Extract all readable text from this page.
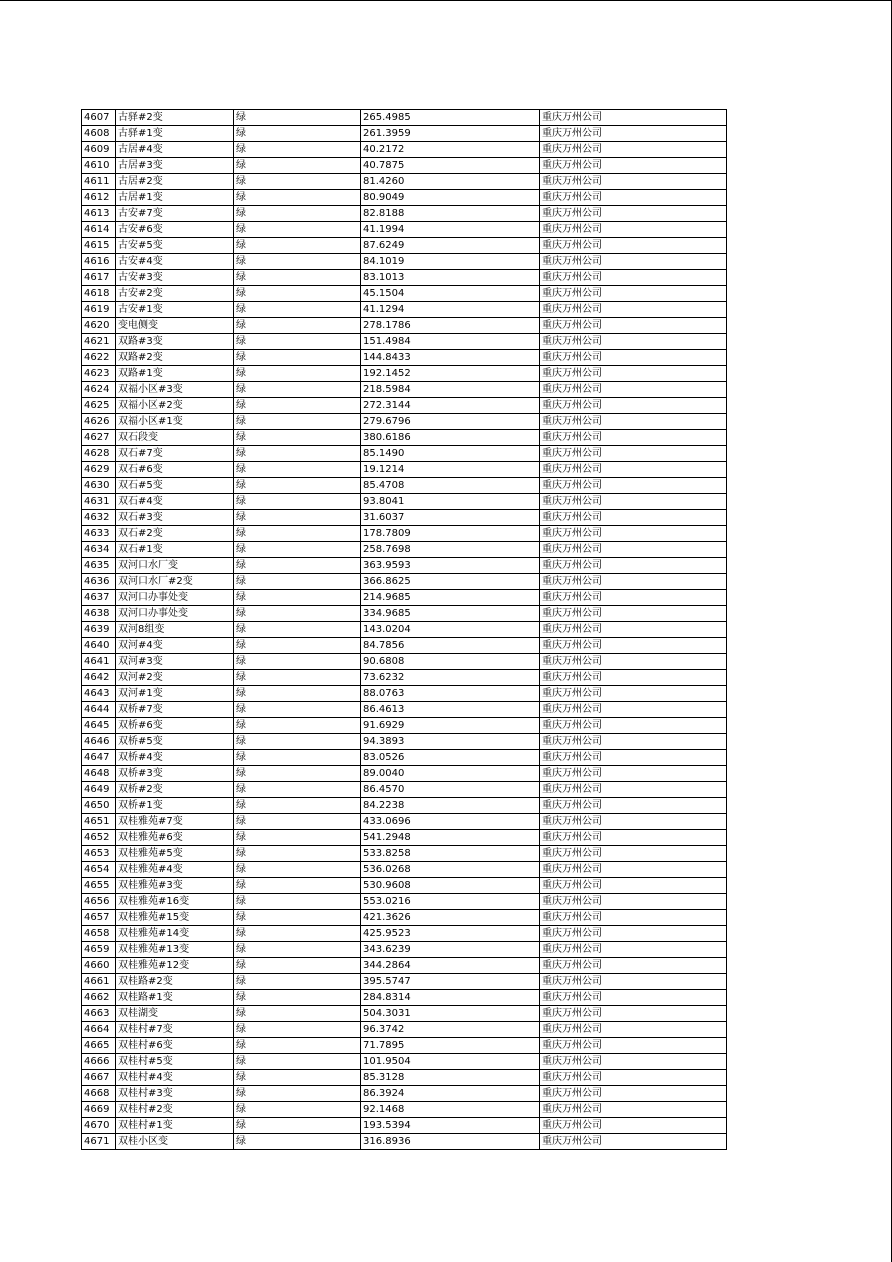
4607	古驿#2变	绿	265.4985	重庆万州公司
4608	古驿#1变	绿	261.3959	重庆万州公司
4609	古居#4变	绿	40.2172	重庆万州公司
4610	古居#3变	绿	40.7875	重庆万州公司
4611	古居#2变	绿	81.4260	重庆万州公司
4612	古居#1变	绿	80.9049	重庆万州公司
4613	古安#7变	绿	82.8188	重庆万州公司
4614	古安#6变	绿	41.1994	重庆万州公司
4615	古安#5变	绿	87.6249	重庆万州公司
4616	古安#4变	绿	84.1019	重庆万州公司
4617	古安#3变	绿	83.1013	重庆万州公司
4618	古安#2变	绿	45.1504	重庆万州公司
4619	古安#1变	绿	41.1294	重庆万州公司
4620	变电侧变	绿	278.1786	重庆万州公司
4621	双路#3变	绿	151.4984	重庆万州公司
4622	双路#2变	绿	144.8433	重庆万州公司
4623	双路#1变	绿	192.1452	重庆万州公司
4624	双福小区#3变	绿	218.5984	重庆万州公司
4625	双福小区#2变	绿	272.3144	重庆万州公司
4626	双福小区#1变	绿	279.6796	重庆万州公司
4627	双石段变	绿	380.6186	重庆万州公司
4628	双石#7变	绿	85.1490	重庆万州公司
4629	双石#6变	绿	19.1214	重庆万州公司
4630	双石#5变	绿	85.4708	重庆万州公司
4631	双石#4变	绿	93.8041	重庆万州公司
4632	双石#3变	绿	31.6037	重庆万州公司
4633	双石#2变	绿	178.7809	重庆万州公司
4634	双石#1变	绿	258.7698	重庆万州公司
4635	双河口水厂变	绿	363.9593	重庆万州公司
4636	双河口水厂#2变	绿	366.8625	重庆万州公司
4637	双河口办事处变	绿	214.9685	重庆万州公司
4638	双河口办事处变	绿	334.9685	重庆万州公司
4639	双河8组变	绿	143.0204	重庆万州公司
4640	双河#4变	绿	84.7856	重庆万州公司
4641	双河#3变	绿	90.6808	重庆万州公司
4642	双河#2变	绿	73.6232	重庆万州公司
4643	双河#1变	绿	88.0763	重庆万州公司
4644	双桥#7变	绿	86.4613	重庆万州公司
4645	双桥#6变	绿	91.6929	重庆万州公司
4646	双桥#5变	绿	94.3893	重庆万州公司
4647	双桥#4变	绿	83.0526	重庆万州公司
4648	双桥#3变	绿	89.0040	重庆万州公司
4649	双桥#2变	绿	86.4570	重庆万州公司
4650	双桥#1变	绿	84.2238	重庆万州公司
4651	双桂雅苑#7变	绿	433.0696	重庆万州公司
4652	双桂雅苑#6变	绿	541.2948	重庆万州公司
4653	双桂雅苑#5变	绿	533.8258	重庆万州公司
4654	双桂雅苑#4变	绿	536.0268	重庆万州公司
4655	双桂雅苑#3变	绿	530.9608	重庆万州公司
4656	双桂雅苑#16变	绿	553.0216	重庆万州公司
4657	双桂雅苑#15变	绿	421.3626	重庆万州公司
4658	双桂雅苑#14变	绿	425.9523	重庆万州公司
4659	双桂雅苑#13变	绿	343.6239	重庆万州公司
4660	双桂雅苑#12变	绿	344.2864	重庆万州公司
4661	双桂路#2变	绿	395.5747	重庆万州公司
4662	双桂路#1变	绿	284.8314	重庆万州公司
4663	双桂湖变	绿	504.3031	重庆万州公司
4664	双桂村#7变	绿	96.3742	重庆万州公司
4665	双桂村#6变	绿	71.7895	重庆万州公司
4666	双桂村#5变	绿	101.9504	重庆万州公司
4667	双桂村#4变	绿	85.3128	重庆万州公司
4668	双桂村#3变	绿	86.3924	重庆万州公司
4669	双桂村#2变	绿	92.1468	重庆万州公司
4670	双桂村#1变	绿	193.5394	重庆万州公司
4671	双桂小区变	绿	316.8936	重庆万州公司
